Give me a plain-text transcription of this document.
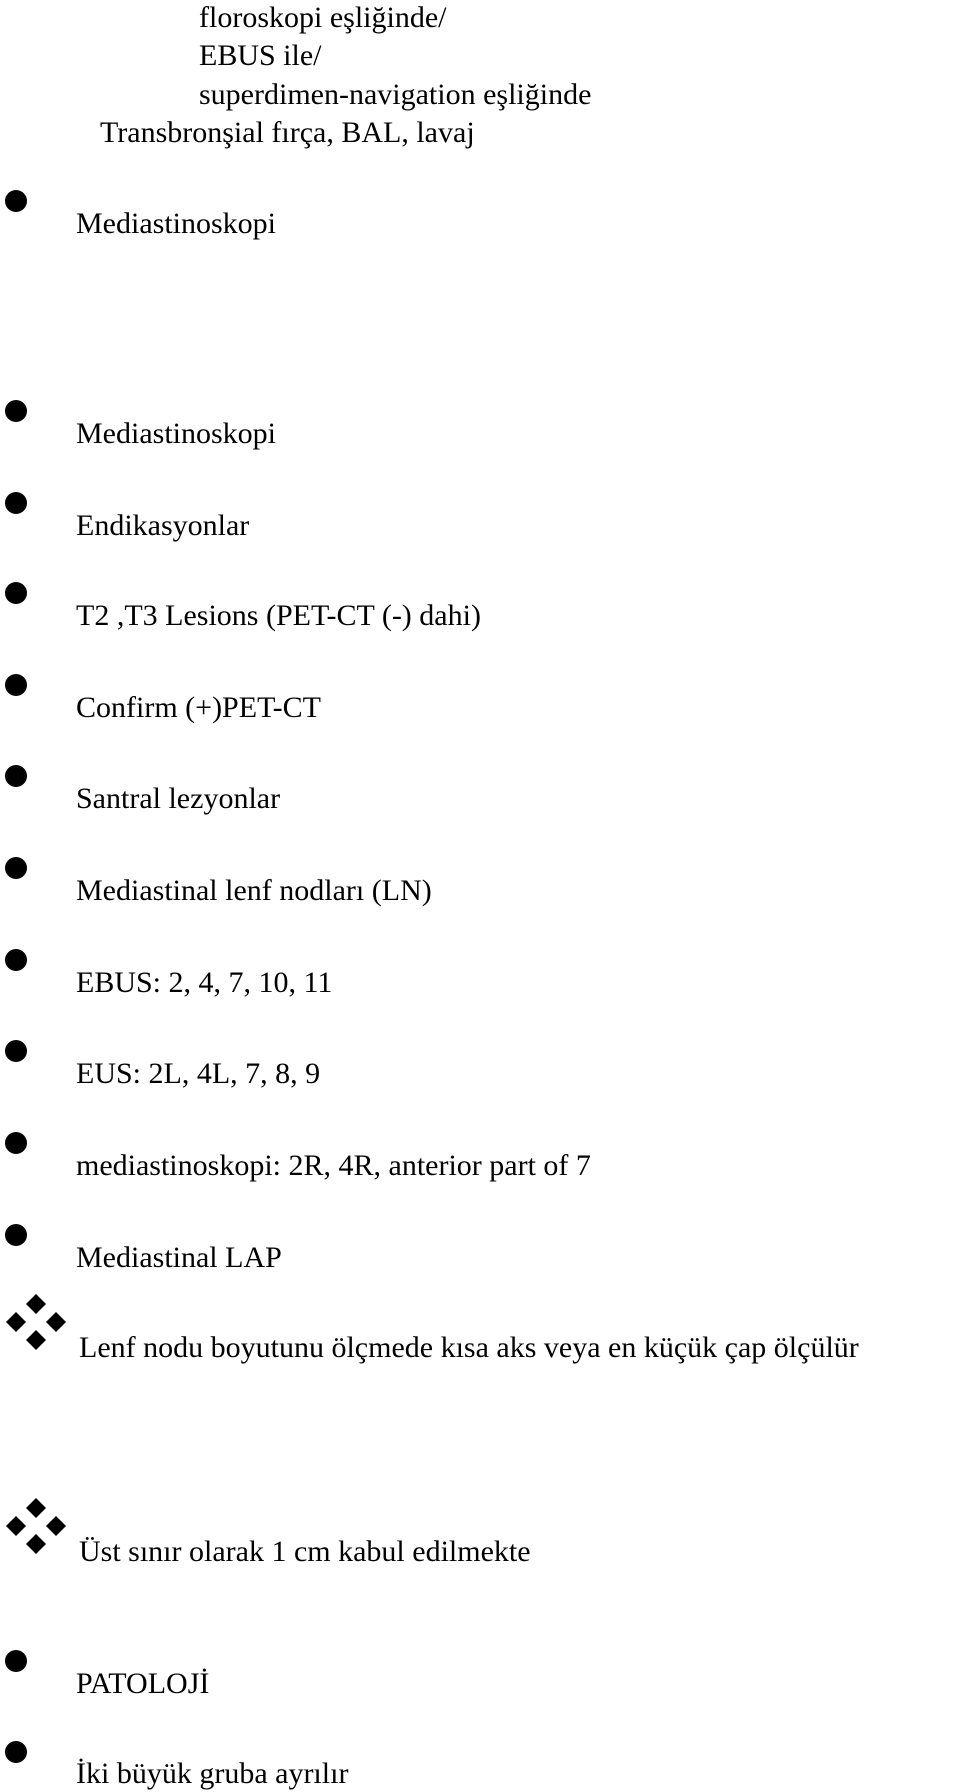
floroskopi eşliğinde/
EBUS ile/
superdimen-navigation eşliğinde
Transbronşial fırça, BAL, lavaj
Mediastinoskopi
Mediastinoskopi
Endikasyonlar
T2 ,T3 Lesions (PET-CT (-) dahi)
Confirm (+)PET-CT
Santral lezyonlar
Mediastinal lenf nodları (LN)
EBUS: 2, 4, 7, 10, 11
EUS: 2L, 4L, 7, 8, 9
mediastinoskopi: 2R, 4R, anterior part of 7
Mediastinal LAP
Lenf nodu boyutunu ölçmede kısa aks veya en küçük çap ölçülür
Üst sınır olarak 1 cm kabul edilmekte
PATOLOJİ
İki büyük gruba ayrılır
